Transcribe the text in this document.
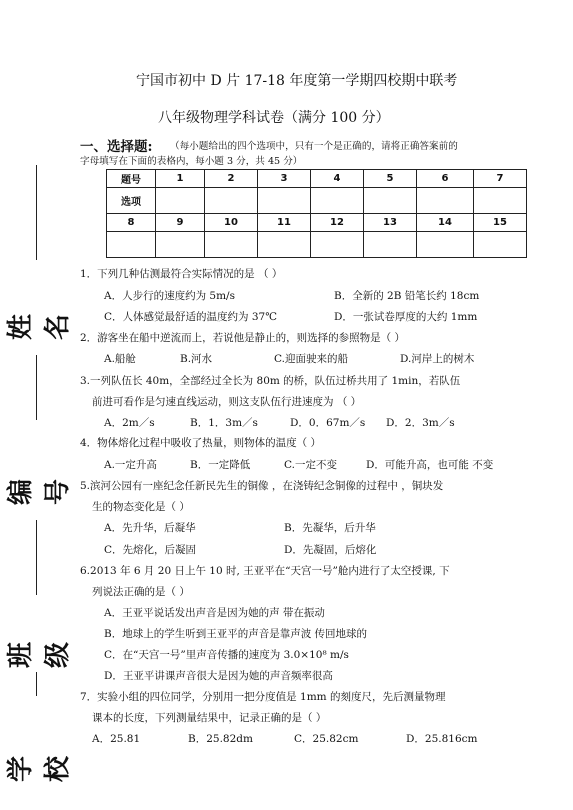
姓名
编号
班级
学校
宁国市初中 D 片 17-18 年度第一学期四校期中联考
八年级物理学科试卷（满分 100 分）
一、选择题: （每小题给出的四个选项中，只有一个是正确的，请将正确答案前的
字母填写在下面的表格内，每小题 3 分，共 45 分）
题号	1	2	3	4	5	6	7
选项							
8	9	10	11	12	13	14	15

1．下列几种估测最符合实际情况的是 （ ）
A．人步行的速度约为 5m/s	B．全新的 2B 铅笔长约 18cm
C．人体感觉最舒适的温度约为 37℃	D．一张试卷厚度的大约 1mm
2．游客坐在船中逆流而上，若说他是静止的，则选择的参照物是（ ）
A.船舱	B.河水	C.迎面驶来的船	D.河岸上的树木
3.一列队伍长 40m，全部经过全长为 80m 的桥，队伍过桥共用了 1min，若队伍
前进可看作是匀速直线运动，则这支队伍行进速度为 （ ）
A．2m／s	B．1．3m／s	D．0．67m／s D．2．3m／s
4．物体熔化过程中吸收了热量，则物体的温度（ ）
A.一定升高	B．一定降低	C.一定不变	D．可能升高，也可能 不变
5.滨河公园有一座纪念任新民先生的铜像 ，在浇铸纪念铜像的过程中 ，铜块发
生的物态变化是（ ）
A．先升华，后凝华	B．先凝华，后升华
C．先熔化，后凝固	D．先凝固，后熔化
6.2013 年 6 月 20 日上午 10 时, 王亚平在“天宫一号”舱内进行了太空授课, 下
列说法正确的是（ ）
A．王亚平说话发出声音是因为她的声 带在振动
B．地球上的学生听到王亚平的声音是靠声波 传回地球的
C．在“天宫一号”里声音传播的速度为 3.0×10⁸ m/s
D．王亚平讲课声音很大是因为她的声音频率很高
7．实验小组的四位同学，分别用一把分度值是 1mm 的刻度尺，先后测量物理
课本的长度，下列测量结果中，记录正确的是（ ）
A．25.81	B．25.82dm	C．25.82cm	D．25.816cm
